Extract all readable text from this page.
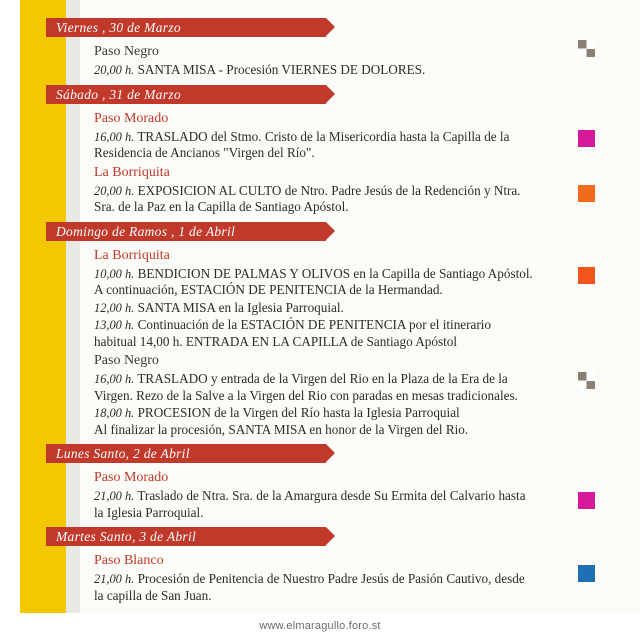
Viernes , 30 de Marzo
Paso Negro
20,00 h. SANTA MISA - Procesión VIERNES DE DOLORES.
Sábado , 31 de Marzo
Paso Morado
16,00 h. TRASLADO del Stmo. Cristo de la Misericordia hasta la Capilla de la
Residencia de Ancianos "Virgen del Río".
La Borriquita
20,00 h. EXPOSICION AL CULTO de Ntro. Padre Jesús de la Redención y Ntra.
Sra. de la Paz en la Capilla de Santiago Apóstol.
Domingo de Ramos , 1 de Abril
La Borriquita
10,00 h. BENDICION DE PALMAS Y OLIVOS en la Capilla de Santiago Apóstol.
A continuación, ESTACIÓN DE PENITENCIA de la Hermandad.
12,00 h. SANTA MISA en la Iglesia Parroquial.
13,00 h. Continuación de la ESTACIÓN DE PENITENCIA por el itinerario
habitual 14,00 h. ENTRADA EN LA CAPILLA de Santiago Apóstol
Paso Negro
16,00 h. TRASLADO y entrada de la Virgen del Rio en la Plaza de la Era de la
Virgen. Rezo de la Salve a la Virgen del Rio con paradas en mesas tradicionales.
18,00 h. PROCESION de la Virgen del Río hasta la Iglesia Parroquial
Al finalizar la procesión, SANTA MISA en honor de la Virgen del Rio.
Lunes Santo, 2 de Abril
Paso Morado
21,00 h. Traslado de Ntra. Sra. de la Amargura desde Su Ermita del Calvario hasta
la Iglesia Parroquial.
Martes Santo, 3 de Abril
Paso Blanco
21,00 h. Procesión de Penitencia de Nuestro Padre Jesús de Pasión Cautivo, desde
la capilla de San Juan.
www.elmaragullo.foro.st
